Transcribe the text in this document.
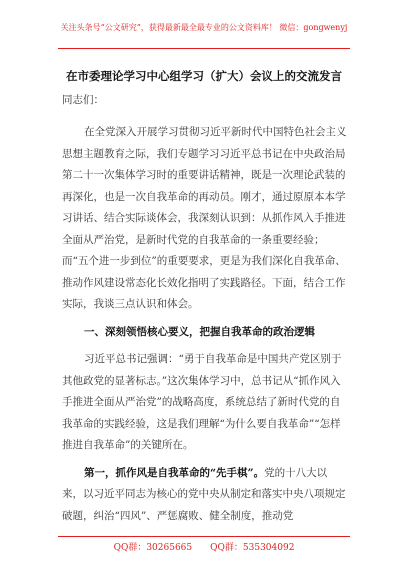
关注头条号“公文研究”，获得最新最全最专业的公文资料库！ 微信：gongwenyj
在市委理论学习中心组学习（扩大）会议上的交流发言
同志们：

在全党深入开展学习贯彻习近平新时代中国特色社会主义思想主题教育之际，我们专题学习习近平总书记在中央政治局第二十一次集体学习时的重要讲话精神，既是一次理论武装的再深化，也是一次自我革命的再动员。刚才，通过原原本本学习讲话、结合实际谈体会，我深刻认识到：从抓作风入手推进全面从严治党，是新时代党的自我革命的一条重要经验；而“五个进一步到位”的重要要求，更是为我们深化自我革命、推动作风建设常态化长效化指明了实践路径。下面，结合工作实际，我谈三点认识和体会。

一、深刻领悟核心要义，把握自我革命的政治逻辑

习近平总书记强调：“勇于自我革命是中国共产党区别于其他政党的显著标志。”这次集体学习中，总书记从“抓作风入手推进全面从严治党”的战略高度，系统总结了新时代党的自我革命的实践经验，这是我们理解“为什么要自我革命”“怎样推进自我革命”的关键所在。

第一，抓作风是自我革命的“先手棋”。党的十八大以来，以习近平同志为核心的党中央从制定和落实中央八项规定破题，纠治“四风”、严惩腐败、健全制度，推动党

QQ群：30265665 QQ群：535304092
